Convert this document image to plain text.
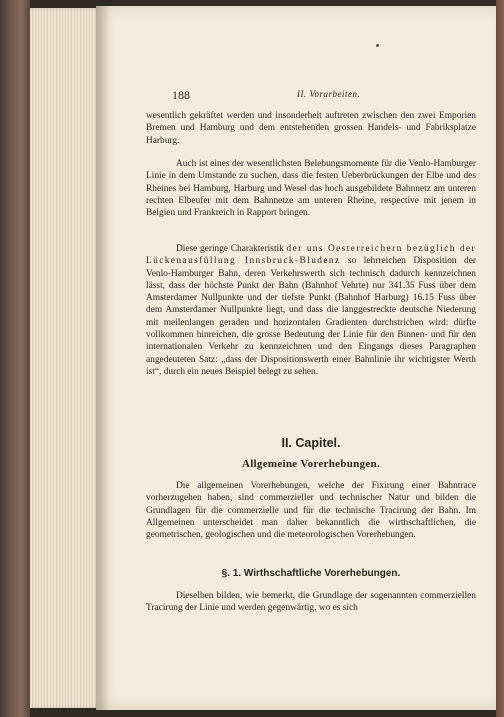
188	II. Vorarbeiten.

wesentlich gekräftet werden und insonderheit auftreten zwischen den zwei Emporien Bremen und Hamburg und dem entstehenden grossen Handels- und Fabriksplatze Harburg.

Auch ist eines der wesentlichsten Belebungsmomente für die Venlo-Hamburger Linie in dem Umstande zu suchen, dass die festen Ueberbrückungen der Elbe und des Rheines bei Hamburg, Harburg und Wesel das hoch ausgebildete Bahnnetz am unteren rechten Elbeufer mit dem Bahnnetze am unteren Rheine, respective mit jenem in Belgien und Frankreich in Rapport bringen.

Diese geringe Charakteristik der uns Oesterreichern bezüglich der Lückenausfüllung Innsbruck-Bludenz so lehrreichen Disposition der Venlo-Hamburger Bahn, deren Verkehrswerth sich technisch dadurch kennzeichnen lässt, dass der höchste Punkt der Bahn (Bahnhof Vehrte) nur 341.35 Fuss über dem Amsterdamer Nullpunkte und der tiefste Punkt (Bahnhof Harburg) 16.15 Fuss über dem Amsterdamer Nullpunkte liegt, und dass die langgestreckte deutsche Niederung mit meilenlangen geraden und horizontalen Gradienten durchstrichen wird: dürfte vollkommen hinreichen, die grosse Bedeutung der Linie für den Binnen- und für den internationalen Verkehr zu kennzeichnen und den Eingangs dieses Paragraphen angedeuteten Satz: „dass der Dispositionswerth einer Bahnlinie ihr wichtigster Werth ist“, durch ein neues Beispiel belegt zu sehen.

II. Capitel.
Allgemeine Vorerhebungen.

Die allgemeinen Vorerhebungen, welche der Fixirung einer Bahntrace vorherzugehen haben, sind commerzieller und technischer Natur und bilden die Grundlagen für die commerzielle und für die technische Tracirung der Bahn. Im Allgemeinen unterscheidet man daher bekanntlich die wirthschaftlichen, die geometrischen, geologischen und die meteorologischen Vorerhebungen.

§. 1. Wirthschaftliche Vorerhebungen.

Dieselben bilden, wie bemerkt, die Grundlage der sogenannten commerziellen Tracirung der Linie und werden gegenwärtig, wo es sich
